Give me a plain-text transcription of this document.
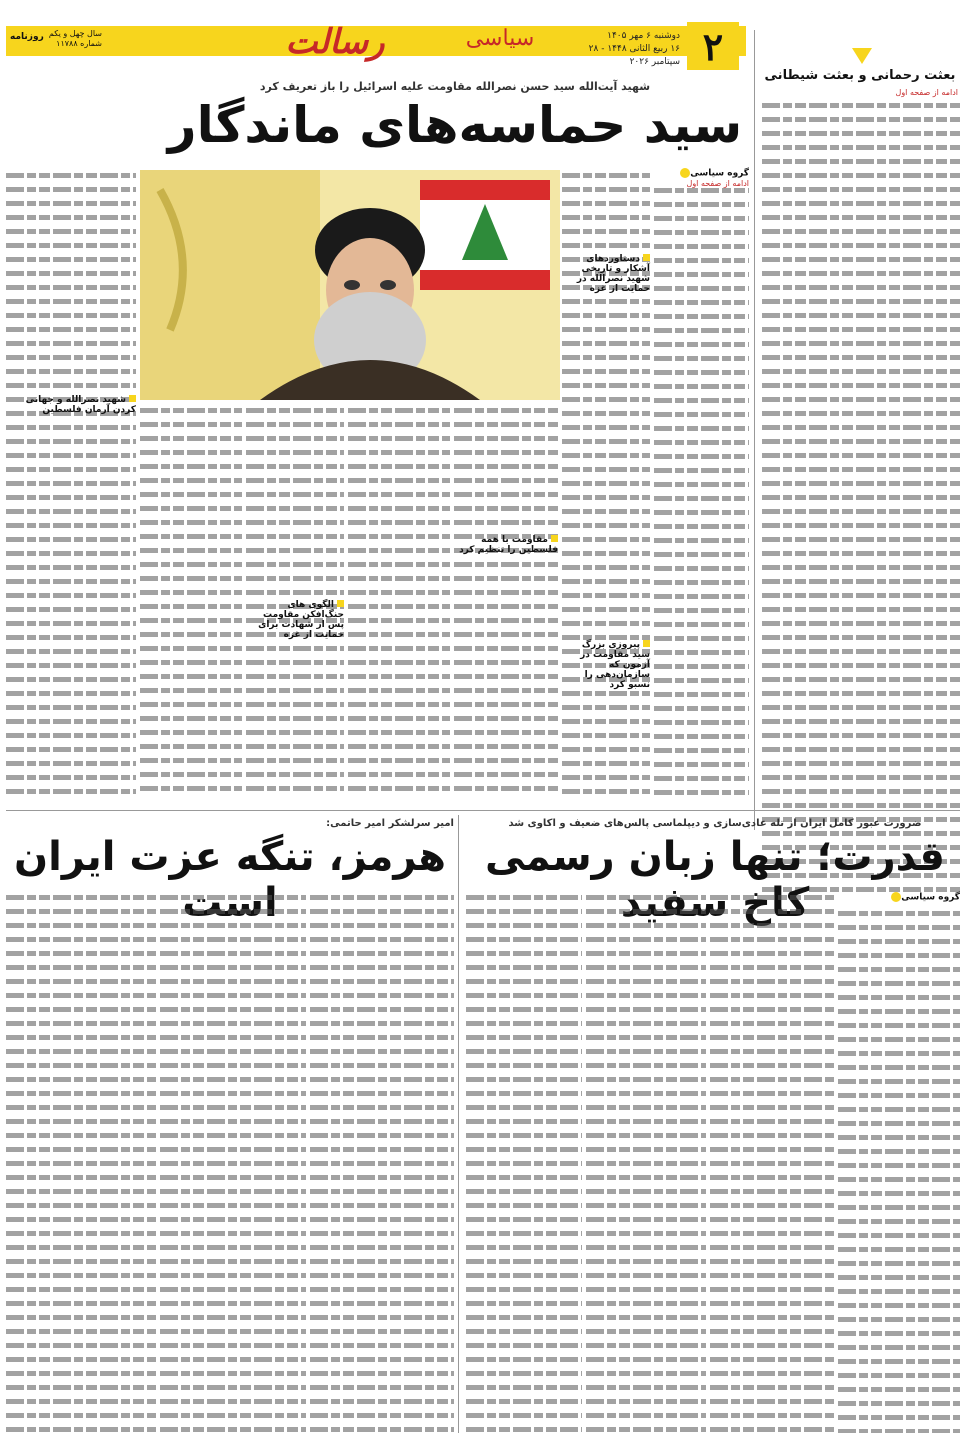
۲
دوشنبه ۶ مهر ۱۴۰۵
۱۶ ربیع الثانی ۱۴۴۸ - ۲۸ سپتامبر ۲۰۲۶
سیاسی
رسالت
سال چهل و یکم
شماره ۱۱۷۸۸
روزنامه
بعثت رحمانی و بعثت شیطانی
ادامه از صفحه اول
شهید آیت‌الله سید حسن نصرالله مقاومت علیه اسرائیل را باز تعریف کرد
سید حماسه‌های ماندگار
گروه سیاسی
ادامه از صفحه اول
دستاوردهای آشکار و تاریخی شهید نصرالله در حمایت از غزه
شهید نصرالله و جهانی کردن آرمان فلسطین
الگوی های جنگ‌افکن مقاومت پس از شهادت برای حمایت از غزه
مقاومت با همه فلسطین را تنظیم کرد
پیروزی بزرگ سید مقاومت در آزمون که سازمان‌دهی را نسبو کرد
ضرورت عبور کامل ایران از تله عادی‌سازی و دیپلماسی پالس‌های ضعیف و اکاوی شد
قدرت؛ تنها زبان رسمی کاخ سفید	گروه سیاسی
امیر سرلشکر امیر حاتمی:
هرمز، تنگه عزت ایران است
